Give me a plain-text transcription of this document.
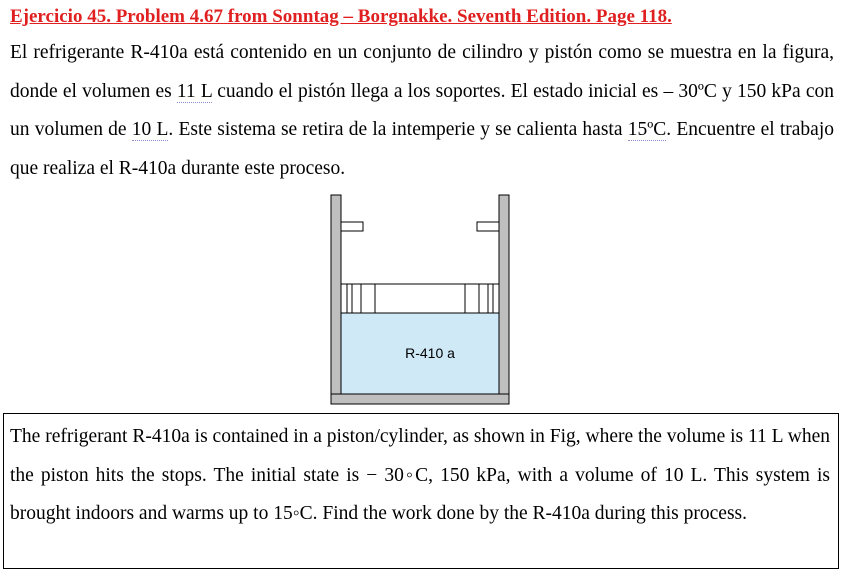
Ejercicio 45. Problem 4.67 from Sonntag – Borgnakke. Seventh Edition. Page 118.
El refrigerante R-410a está contenido en un conjunto de cilindro y pistón como se muestra en la figura, donde el volumen es 11 L cuando el pistón llega a los soportes. El estado inicial es – 30ºC y 150 kPa con un volumen de 10 L. Este sistema se retira de la intemperie y se calienta hasta 15ºC. Encuentre el trabajo que realiza el R-410a durante este proceso.
R-410 a

The refrigerant R-410a is contained in a piston/cylinder, as shown in Fig, where the volume is 11 L when the piston hits the stops. The initial state is − 30◦C, 150 kPa, with a volume of 10 L. This system is brought indoors and warms up to 15◦C. Find the work done by the R-410a during this process.
